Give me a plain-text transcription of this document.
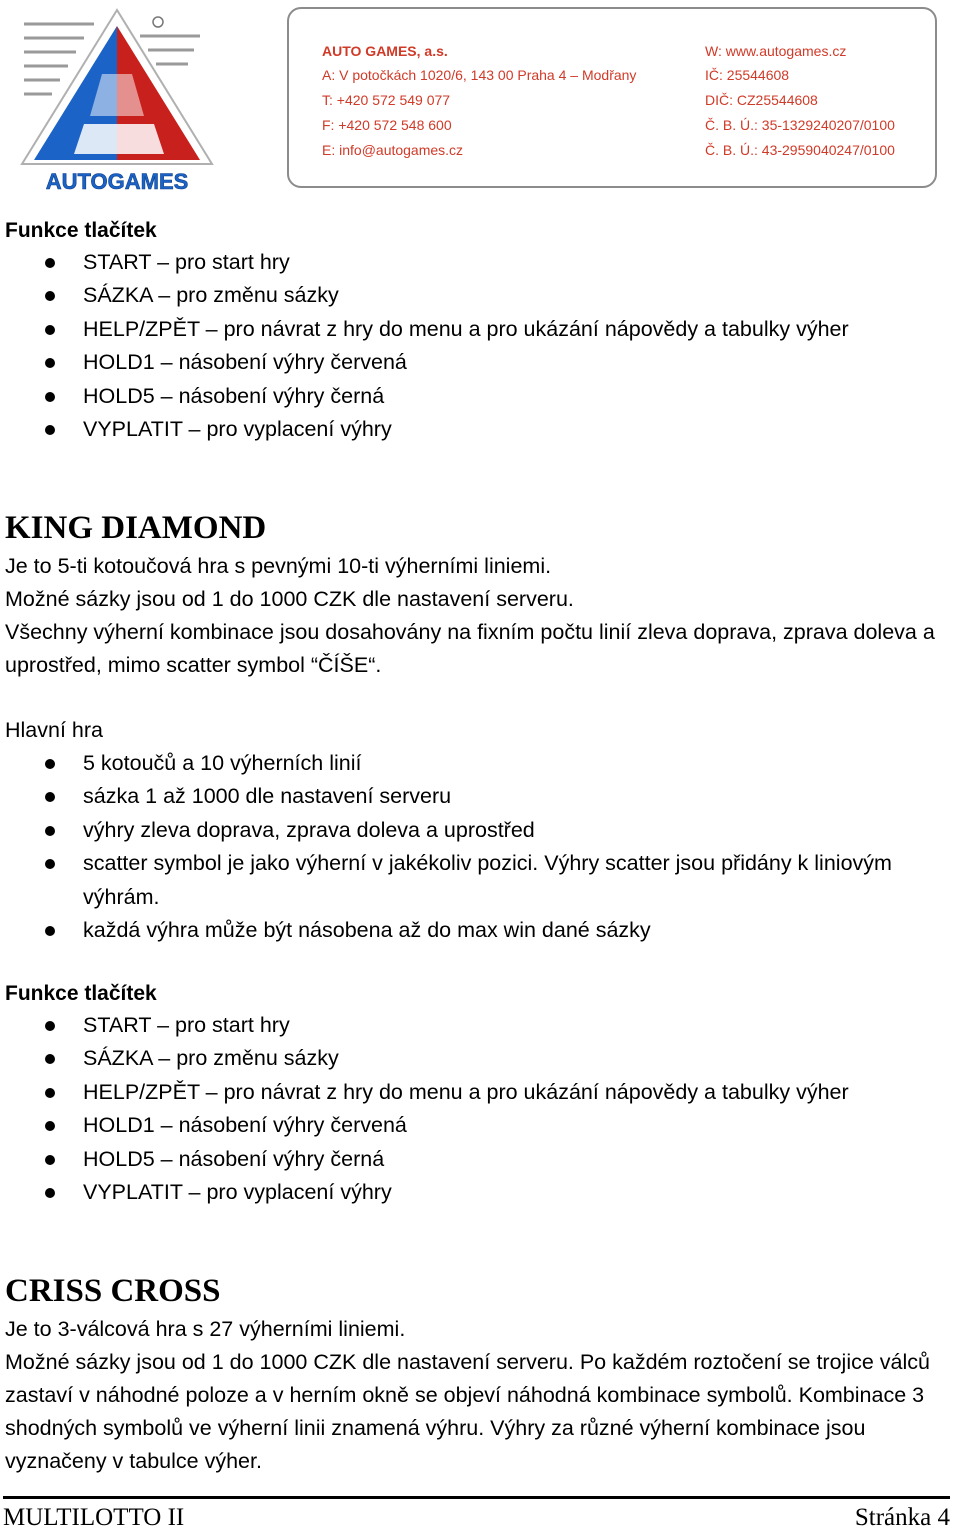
AUTOGAMES
AUTO GAMES, a.s.
A: V potočkách 1020/6, 143 00 Praha 4 – Modřany
T: +420 572 549 077
F: +420 572 548 600
E: info@autogames.cz
W: www.autogames.cz
IČ: 25544608
DIČ: CZ25544608
Č. B. Ú.: 35-1329240207/0100
Č. B. Ú.: 43-2959040247/0100
Funkce tlačítek
START – pro start hry
SÁZKA – pro změnu sázky
HELP/ZPĚT – pro návrat z hry do menu a pro ukázání nápovědy a tabulky výher
HOLD1 – násobení výhry červená
HOLD5 – násobení výhry černá
VYPLATIT – pro vyplacení výhry
KING DIAMOND

Je to 5-ti kotoučová hra s pevnými 10-ti výherními liniemi.

Možné sázky jsou od 1 do 1000 CZK dle nastavení serveru.

Všechny výherní kombinace jsou dosahovány na fixním počtu linií zleva doprava, zprava doleva a uprostřed, mimo scatter symbol “ČÍŠE“.

Hlavní hra
5 kotoučů a 10 výherních linií
sázka 1 až 1000 dle nastavení serveru
výhry zleva doprava, zprava doleva a uprostřed
scatter symbol je jako výherní v jakékoliv pozici. Výhry scatter jsou přidány k liniovým výhrám.
každá výhra může být násobena až do max win dané sázky
Funkce tlačítek
START – pro start hry
SÁZKA – pro změnu sázky
HELP/ZPĚT – pro návrat z hry do menu a pro ukázání nápovědy a tabulky výher
HOLD1 – násobení výhry červená
HOLD5 – násobení výhry černá
VYPLATIT – pro vyplacení výhry
CRISS CROSS

Je to 3-válcová hra s 27 výherními liniemi.

Možné sázky jsou od 1 do 1000 CZK dle nastavení serveru. Po každém roztočení se trojice válců zastaví v náhodné poloze a v herním okně se objeví náhodná kombinace symbolů. Kombinace 3 shodných symbolů ve výherní linii znamená výhru. Výhry za různé výherní kombinace jsou vyznačeny v tabulce výher.

MULTILOTTO II	Stránka 4
